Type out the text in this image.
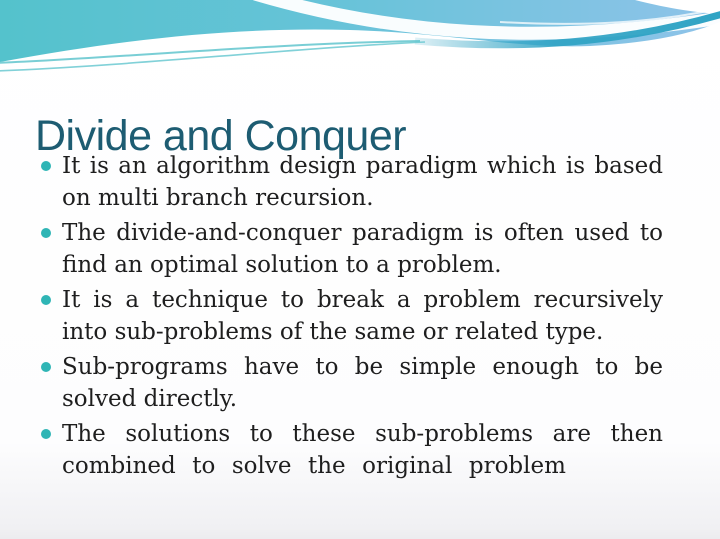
Divide and Conquer
It is an algorithm design paradigm which is based on multi branch recursion.
The divide-and-conquer paradigm is often used to find an optimal solution to a problem.
It is a technique to break a problem recursively into sub-problems of the same or related type.
Sub-programs have to be simple enough to be solved directly.
The solutions to these sub-problems are then combined to solve the original problem
